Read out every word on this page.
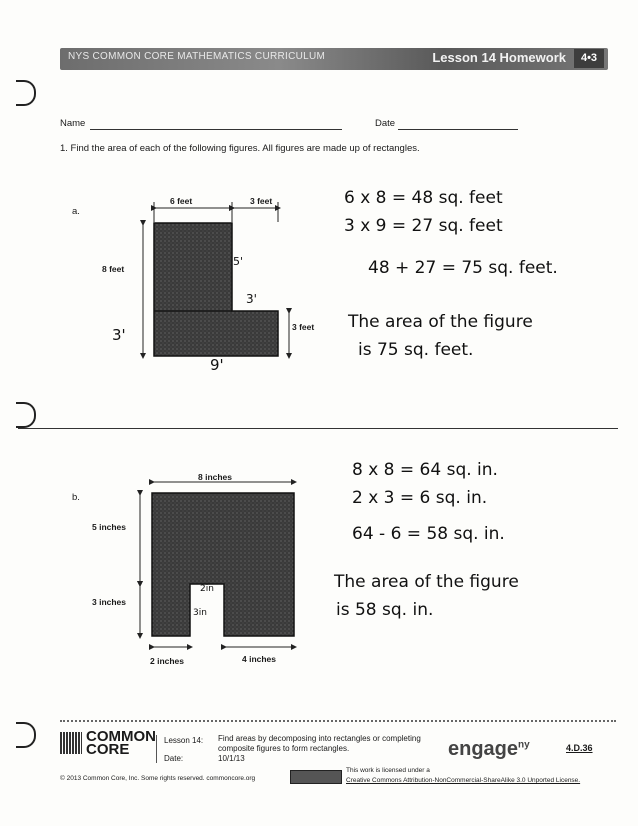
NYS COMMON CORE MATHEMATICS CURRICULUM	Lesson 14 Homework	4•3
Name	Date
1. Find the area of each of the following figures. All figures are made up of rectangles.
a.
6 feet	3 feet
8 feet
3 feet
3'
9'
3'
5'
6 x 8 = 48 sq. feet
3 x 9 = 27 sq. feet
48 + 27 = 75 sq. feet.
The area of the figure
is 75 sq. feet.
b.
8 inches
5 inches
3 inches
2 inches	4 inches
2in
3in
8 x 8 = 64 sq. in.
2 x 3 = 6 sq. in.
64 - 6 = 58 sq. in.
The area of the figure
is 58 sq. in.
COMMON
CORE
Lesson 14:
Date:
Find areas by decomposing into rectangles or completing composite figures to form rectangles.
10/1/13	engage$^{ny}$	4.D.36
© 2013 Common Core, Inc. Some rights reserved. commoncore.org
This work is licensed under a
Creative Commons Attribution-NonCommercial-ShareAlike 3.0 Unported License.
